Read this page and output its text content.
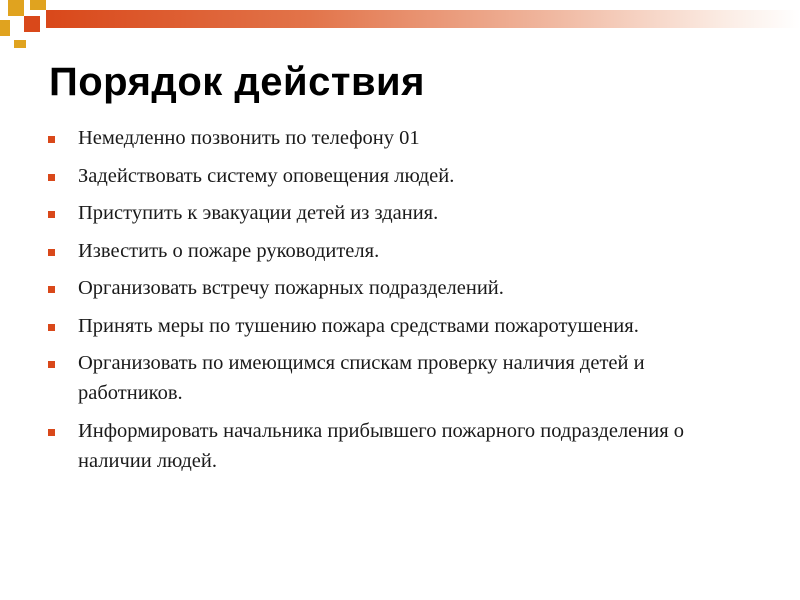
Порядок действия
Немедленно позвонить по телефону 01
Задействовать систему оповещения людей.
Приступить к эвакуации детей из здания.
Известить о пожаре руководителя.
Организовать встречу пожарных подразделений.
Принять меры по тушению пожара средствами пожаротушения.
Организовать по имеющимся спискам проверку наличия детей и работников.
Информировать начальника прибывшего пожарного подразделения о наличии людей.
